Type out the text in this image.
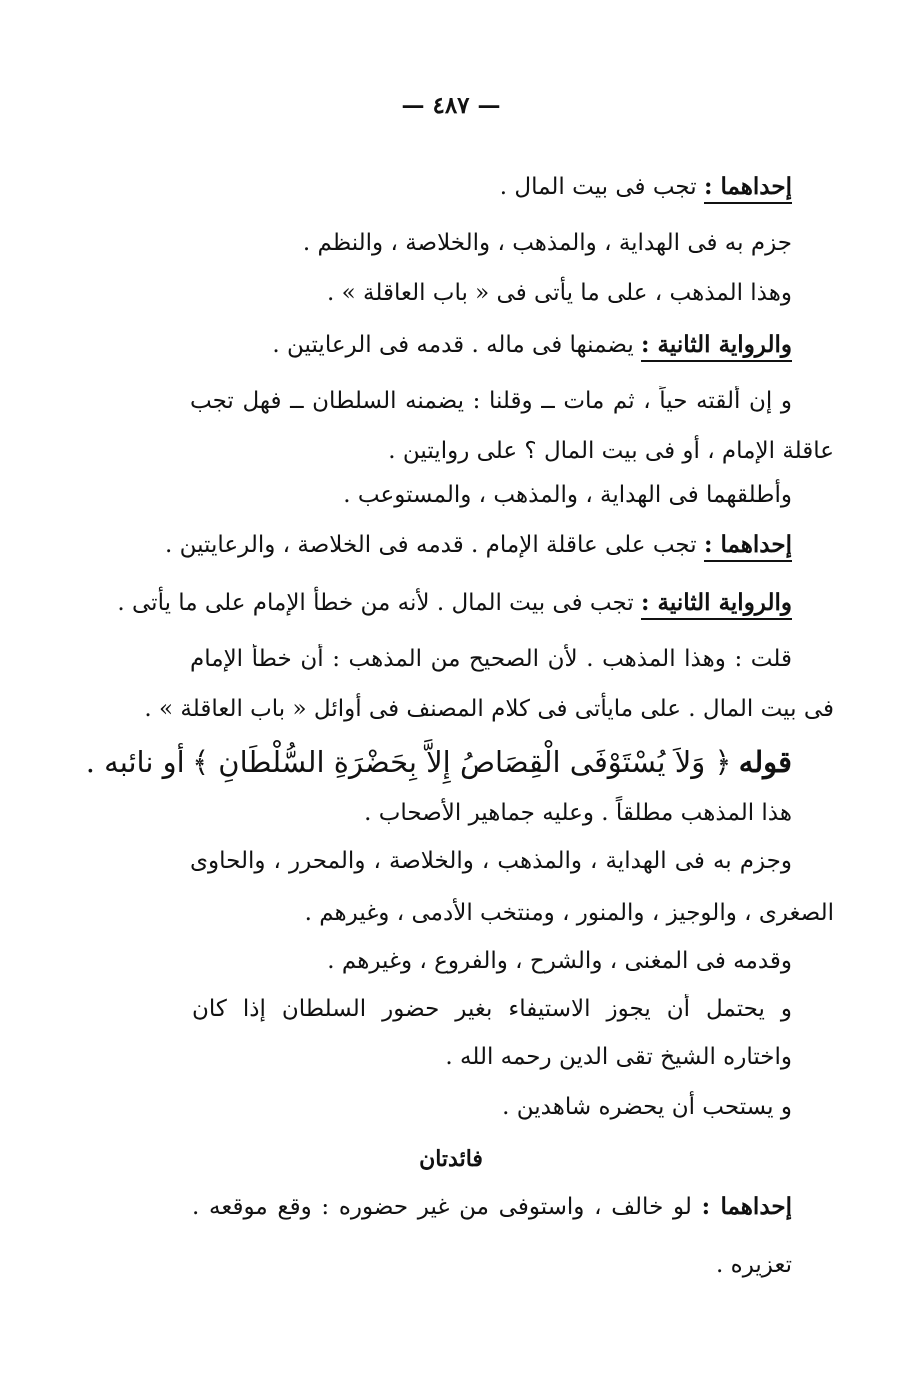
— ٤٨٧ —
إحداهما : تجب فى بيت المال .
جزم به فى الهداية ، والمذهب ، والخلاصة ، والنظم .
وهذا المذهب ، على ما يأتى فى « باب العاقلة » .
والرواية الثانية : يضمنها فى ماله . قدمه فى الرعايتين .
و إن ألقته حياً ، ثم مات ــ وقلنا : يضمنه السلطان ــ فهل تجب
عاقلة الإمام ، أو فى بيت المال ؟ على روايتين .
وأطلقهما فى الهداية ، والمذهب ، والمستوعب .
إحداهما : تجب على عاقلة الإمام . قدمه فى الخلاصة ، والرعايتين .
والرواية الثانية : تجب فى بيت المال . لأنه من خطأ الإمام على ما يأتى .
قلت : وهذا المذهب . لأن الصحيح من المذهب : أن خطأ الإمام
فى بيت المال . على مايأتى فى كلام المصنف فى أوائل « باب العاقلة » .
قوله ﴿ وَلاَ يُسْتَوْفَى الْقِصَاصُ إِلاَّ بِحَضْرَةِ السُّلْطَانِ ﴾ أو نائبه .
هذا المذهب مطلقاً . وعليه جماهير الأصحاب .
وجزم به فى الهداية ، والمذهب ، والخلاصة ، والمحرر ، والحاوى
الصغرى ، والوجيز ، والمنور ، ومنتخب الأدمى ، وغيرهم .
وقدمه فى المغنى ، والشرح ، والفروع ، وغيرهم .
و يحتمل أن يجوز الاستيفاء بغير حضور السلطان إذا كان
واختاره الشيخ تقى الدين رحمه الله .
و يستحب أن يحضره شاهدين .
فائدتان
إحداهما : لو خالف ، واستوفى من غير حضوره : وقع موقعه .
تعزيره .
